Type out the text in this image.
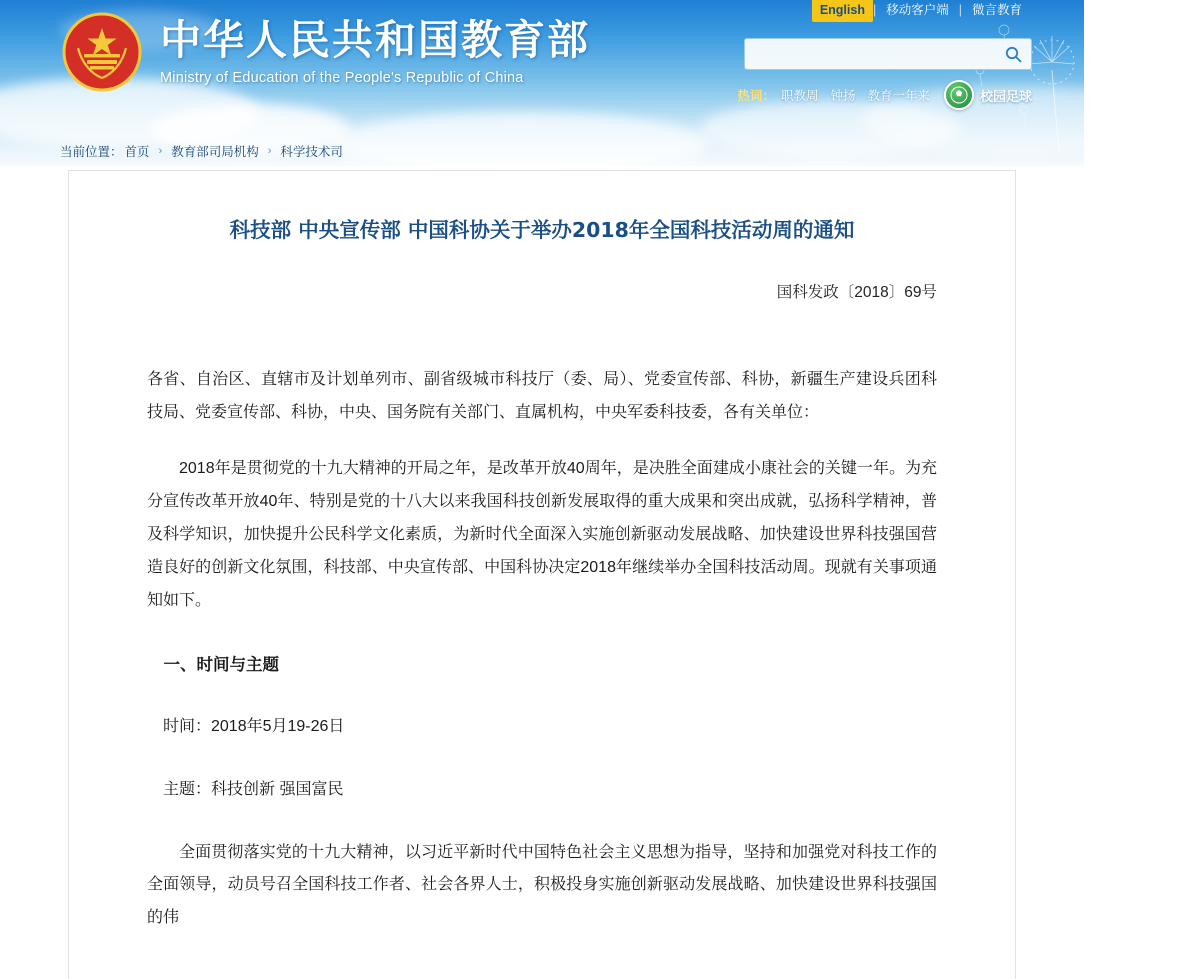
中华人民共和国教育部
Ministry of Education of the People's Republic of China
English | 移动客户端 | 微言教育
热词： 职教周 钟扬 教育一年来	校园足球
当前位置： 首页 › 教育部司局机构 › 科学技术司
科技部 中央宣传部 中国科协关于举办2018年全国科技活动周的通知
国科发政〔2018〕69号

各省、自治区、直辖市及计划单列市、副省级城市科技厅（委、局）、党委宣传部、科协，新疆生产建设兵团科技局、党委宣传部、科协，中央、国务院有关部门、直属机构，中央军委科技委，各有关单位：

2018年是贯彻党的十九大精神的开局之年，是改革开放40周年，是决胜全面建成小康社会的关键一年。为充分宣传改革开放40年、特别是党的十八大以来我国科技创新发展取得的重大成果和突出成就，弘扬科学精神，普及科学知识，加快提升公民科学文化素质，为新时代全面深入实施创新驱动发展战略、加快建设世界科技强国营造良好的创新文化氛围，科技部、中央宣传部、中国科协决定2018年继续举办全国科技活动周。现就有关事项通知如下。

一、时间与主题

时间：2018年5月19-26日

主题：科技创新 强国富民

全面贯彻落实党的十九大精神，以习近平新时代中国特色社会主义思想为指导，坚持和加强党对科技工作的全面领导，动员号召全国科技工作者、社会各界人士，积极投身实施创新驱动发展战略、加快建设世界科技强国的伟
